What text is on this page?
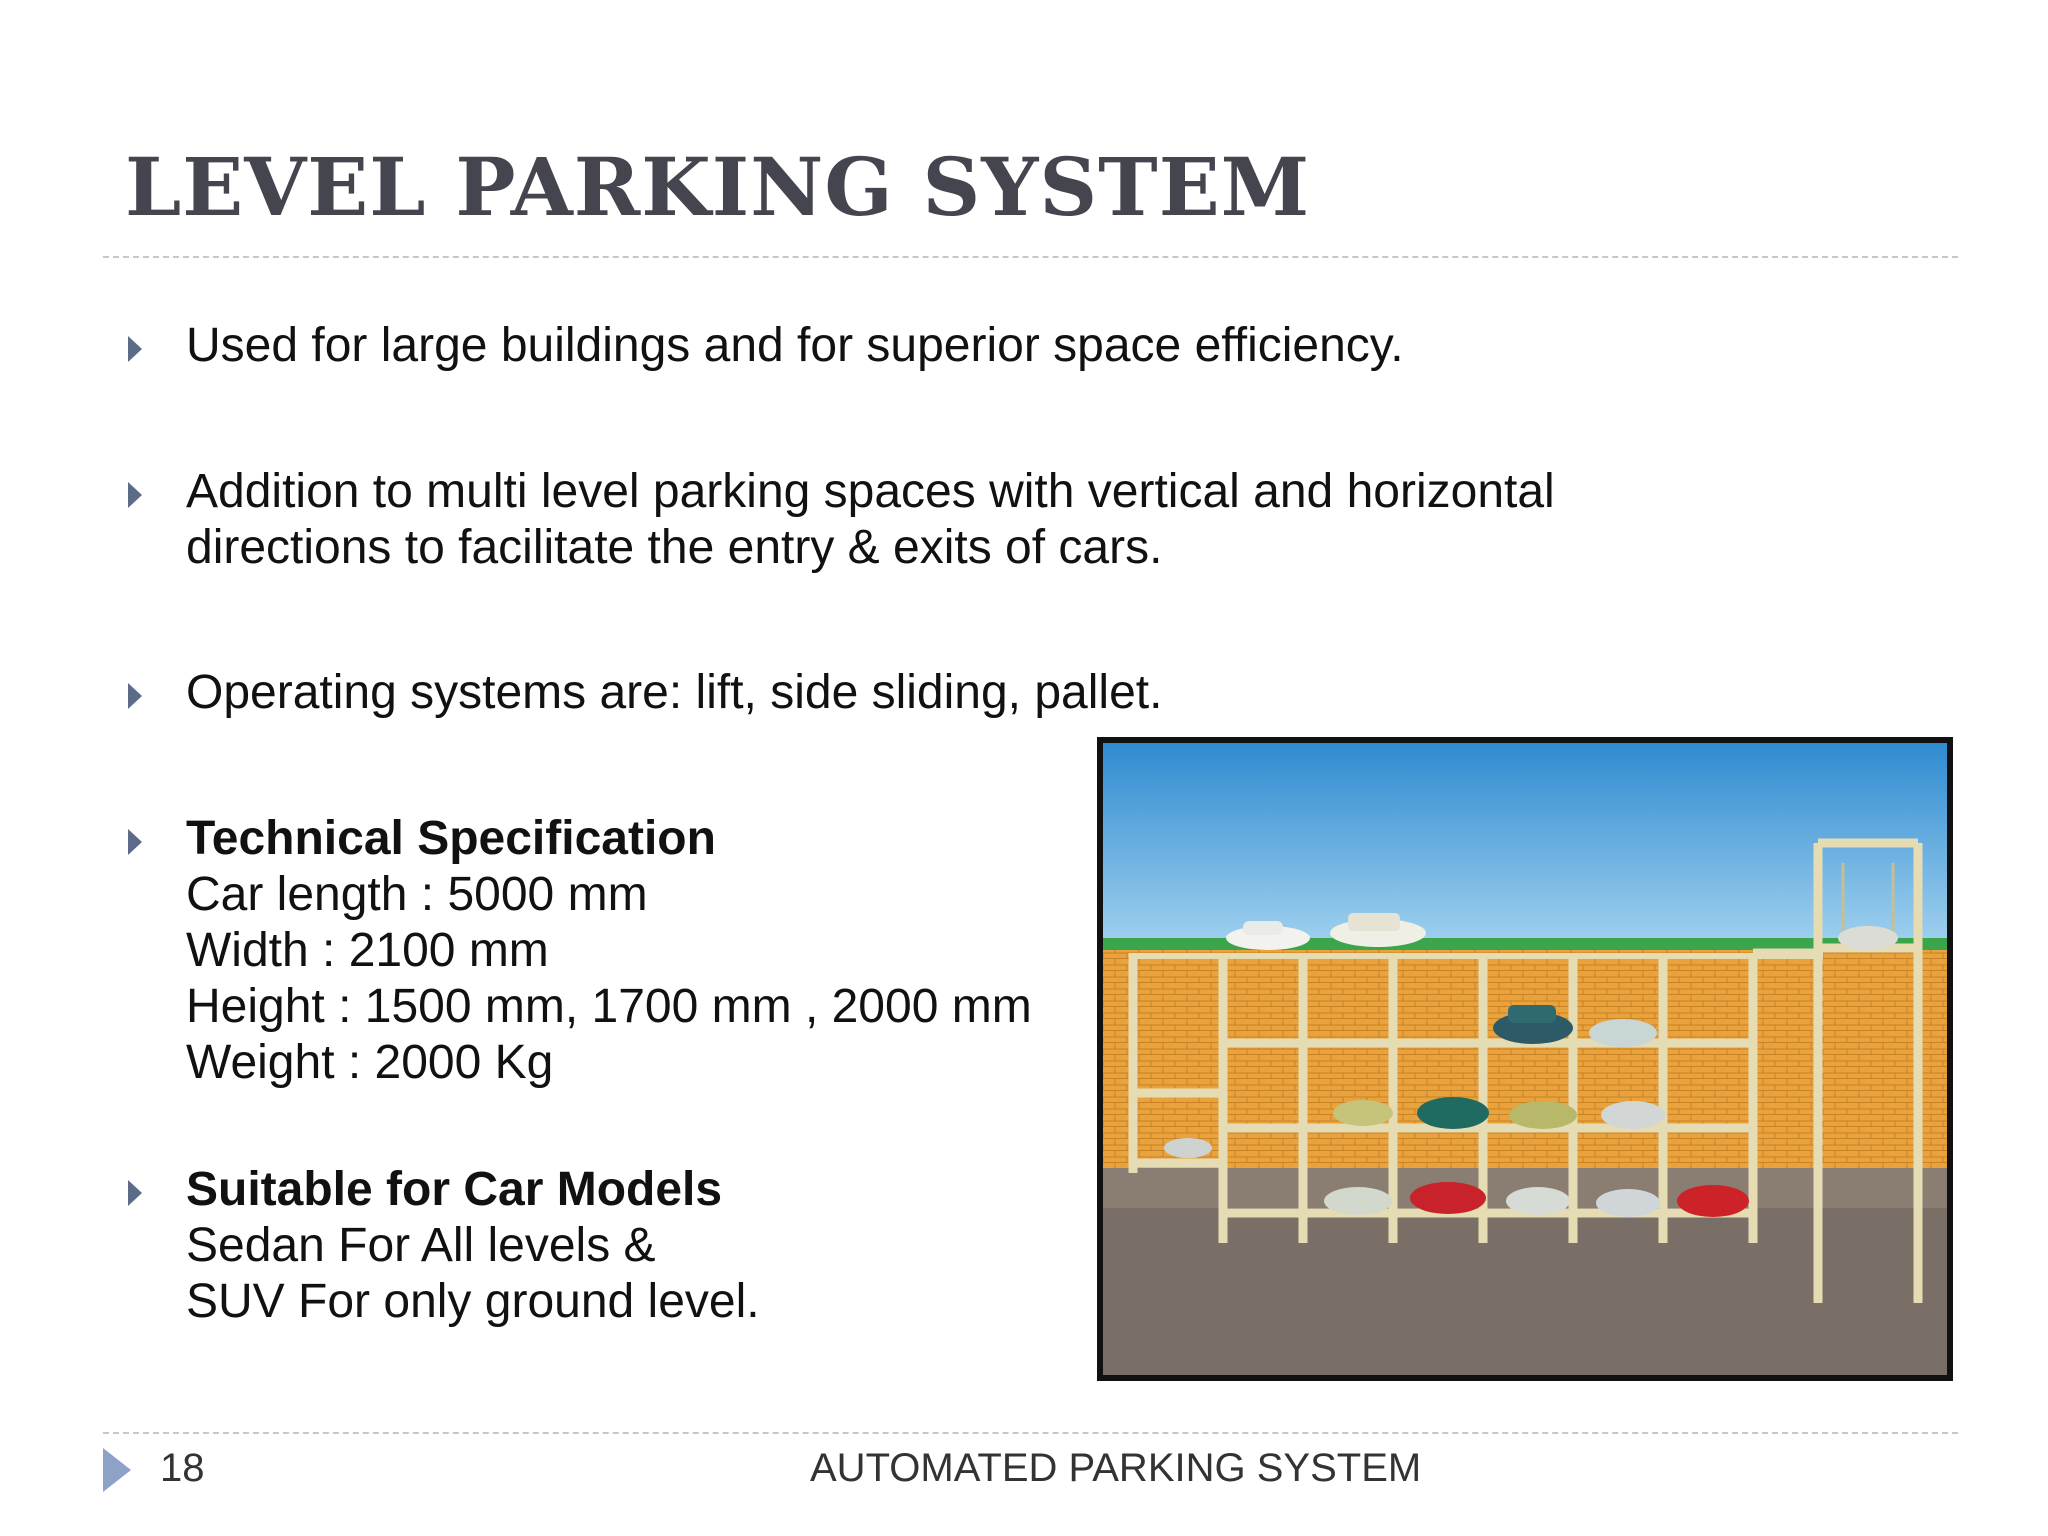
LEVEL PARKING SYSTEM
Used for large buildings and for superior space efficiency.
Addition to multi level parking spaces with vertical and horizontal
directions to facilitate the entry & exits of cars.
Operating systems are: lift, side sliding, pallet.
Technical Specification
Car length : 5000 mm
Width : 2100 mm
Height : 1500 mm, 1700 mm , 2000 mm
Weight : 2000 Kg
Suitable for Car Models
Sedan For All levels &
SUV For only ground level.
18	AUTOMATED PARKING SYSTEM
